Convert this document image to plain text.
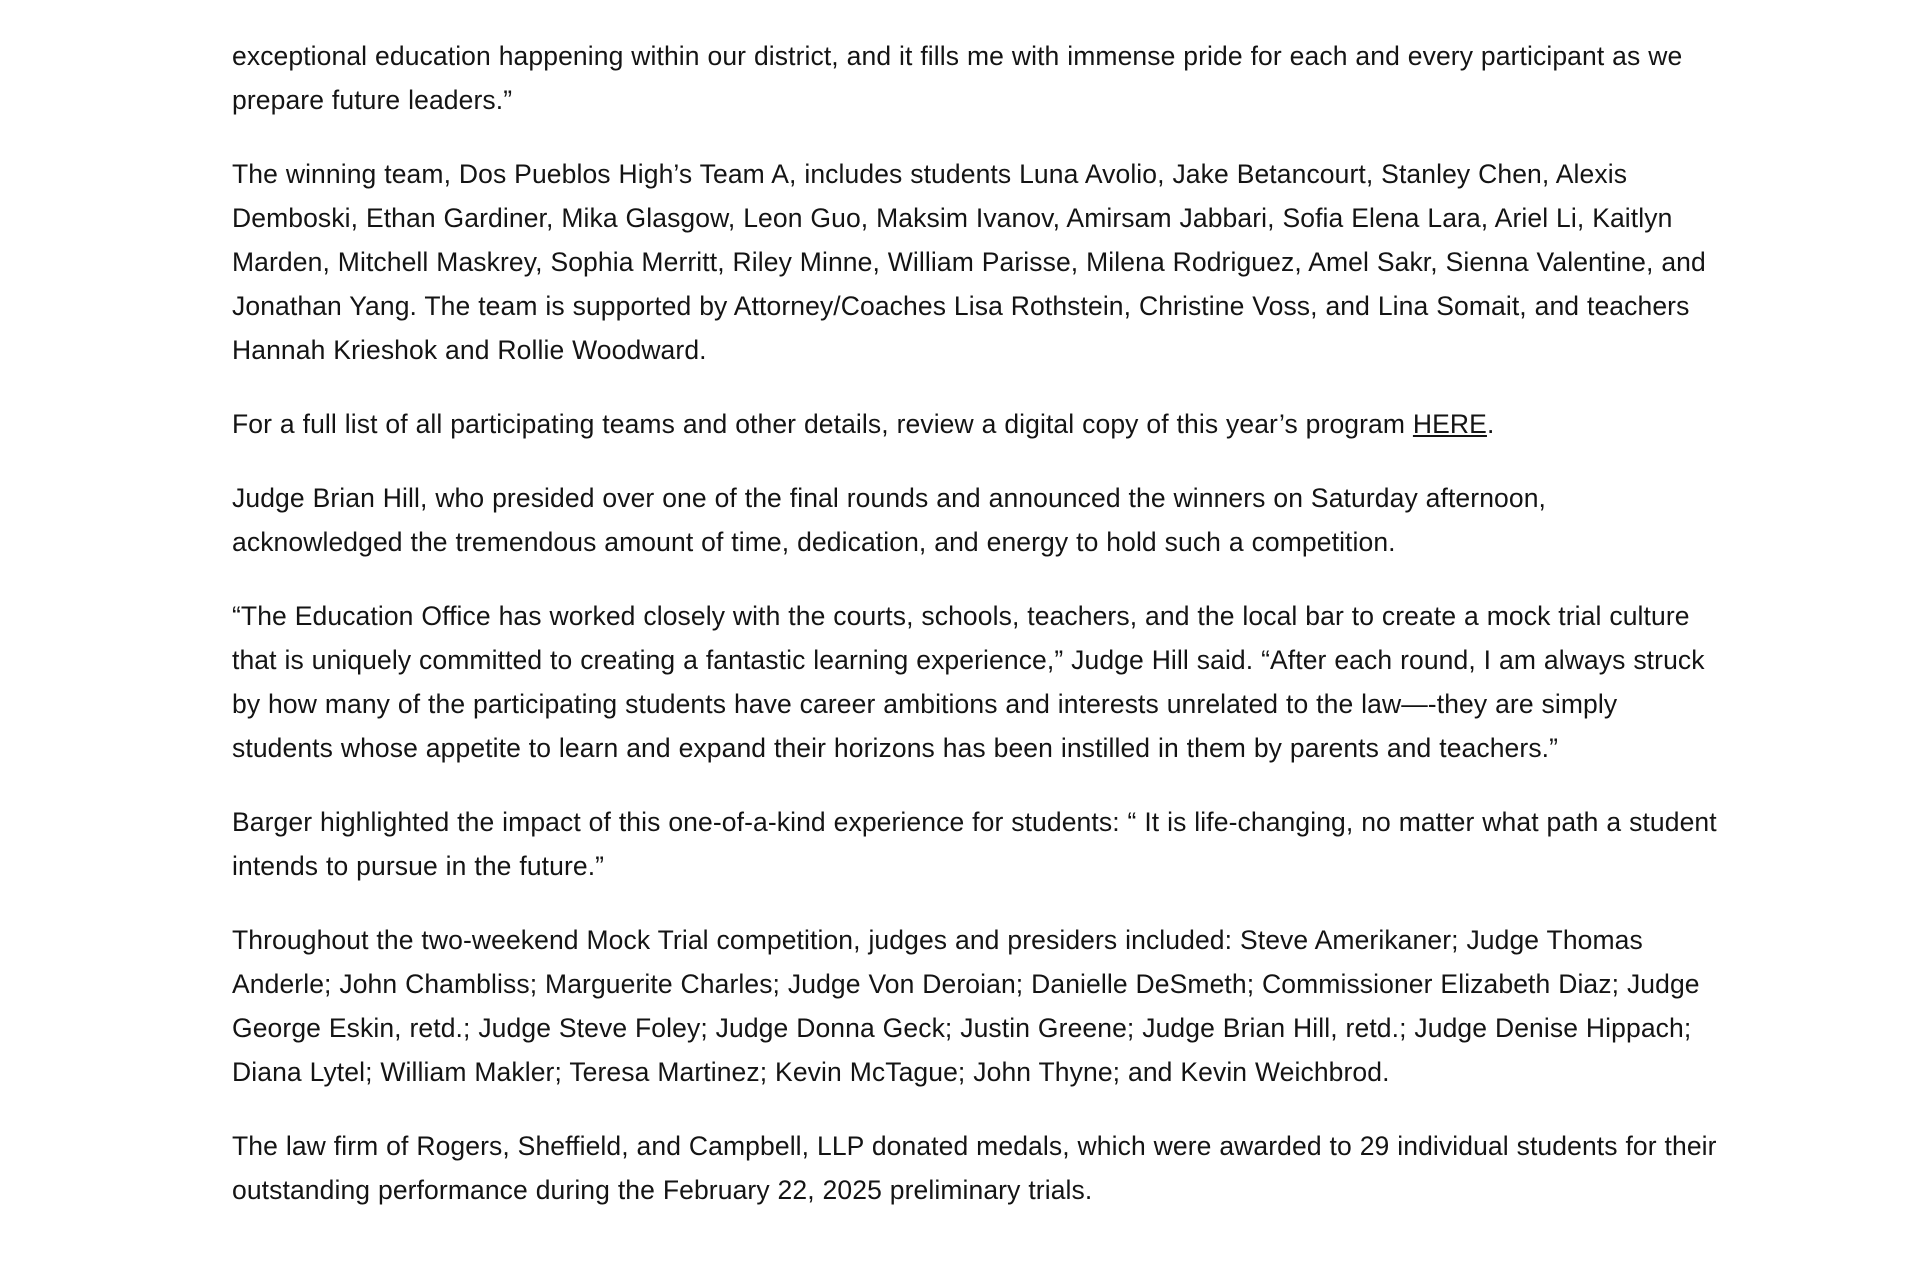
exceptional education happening within our district, and it fills me with immense pride for each and every participant as we prepare future leaders.”

The winning team, Dos Pueblos High’s Team A, includes students Luna Avolio, Jake Betancourt, Stanley Chen, Alexis Demboski, Ethan Gardiner, Mika Glasgow, Leon Guo, Maksim Ivanov, Amirsam Jabbari, Sofia Elena Lara, Ariel Li, Kaitlyn Marden, Mitchell Maskrey, Sophia Merritt, Riley Minne, William Parisse, Milena Rodriguez, Amel Sakr, Sienna Valentine, and Jonathan Yang. The team is supported by Attorney/Coaches Lisa Rothstein, Christine Voss, and Lina Somait, and teachers Hannah Krieshok and Rollie Woodward.

For a full list of all participating teams and other details, review a digital copy of this year’s program HERE.

Judge Brian Hill, who presided over one of the final rounds and announced the winners on Saturday afternoon, acknowledged the tremendous amount of time, dedication, and energy to hold such a competition.

“The Education Office has worked closely with the courts, schools, teachers, and the local bar to create a mock trial culture that is uniquely committed to creating a fantastic learning experience,” Judge Hill said. “After each round, I am always struck by how many of the participating students have career ambitions and interests unrelated to the law—-they are simply students whose appetite to learn and expand their horizons has been instilled in them by parents and teachers.”

Barger highlighted the impact of this one-of-a-kind experience for students: “ It is life-changing, no matter what path a student intends to pursue in the future.”

Throughout the two-weekend Mock Trial competition, judges and presiders included: Steve Amerikaner; Judge Thomas Anderle; John Chambliss; Marguerite Charles; Judge Von Deroian; Danielle DeSmeth; Commissioner Elizabeth Diaz; Judge George Eskin, retd.; Judge Steve Foley; Judge Donna Geck; Justin Greene; Judge Brian Hill, retd.; Judge Denise Hippach; Diana Lytel; William Makler; Teresa Martinez; Kevin McTague; John Thyne; and Kevin Weichbrod.

The law firm of Rogers, Sheffield, and Campbell, LLP donated medals, which were awarded to 29 individual students for their outstanding performance during the February 22, 2025 preliminary trials.
